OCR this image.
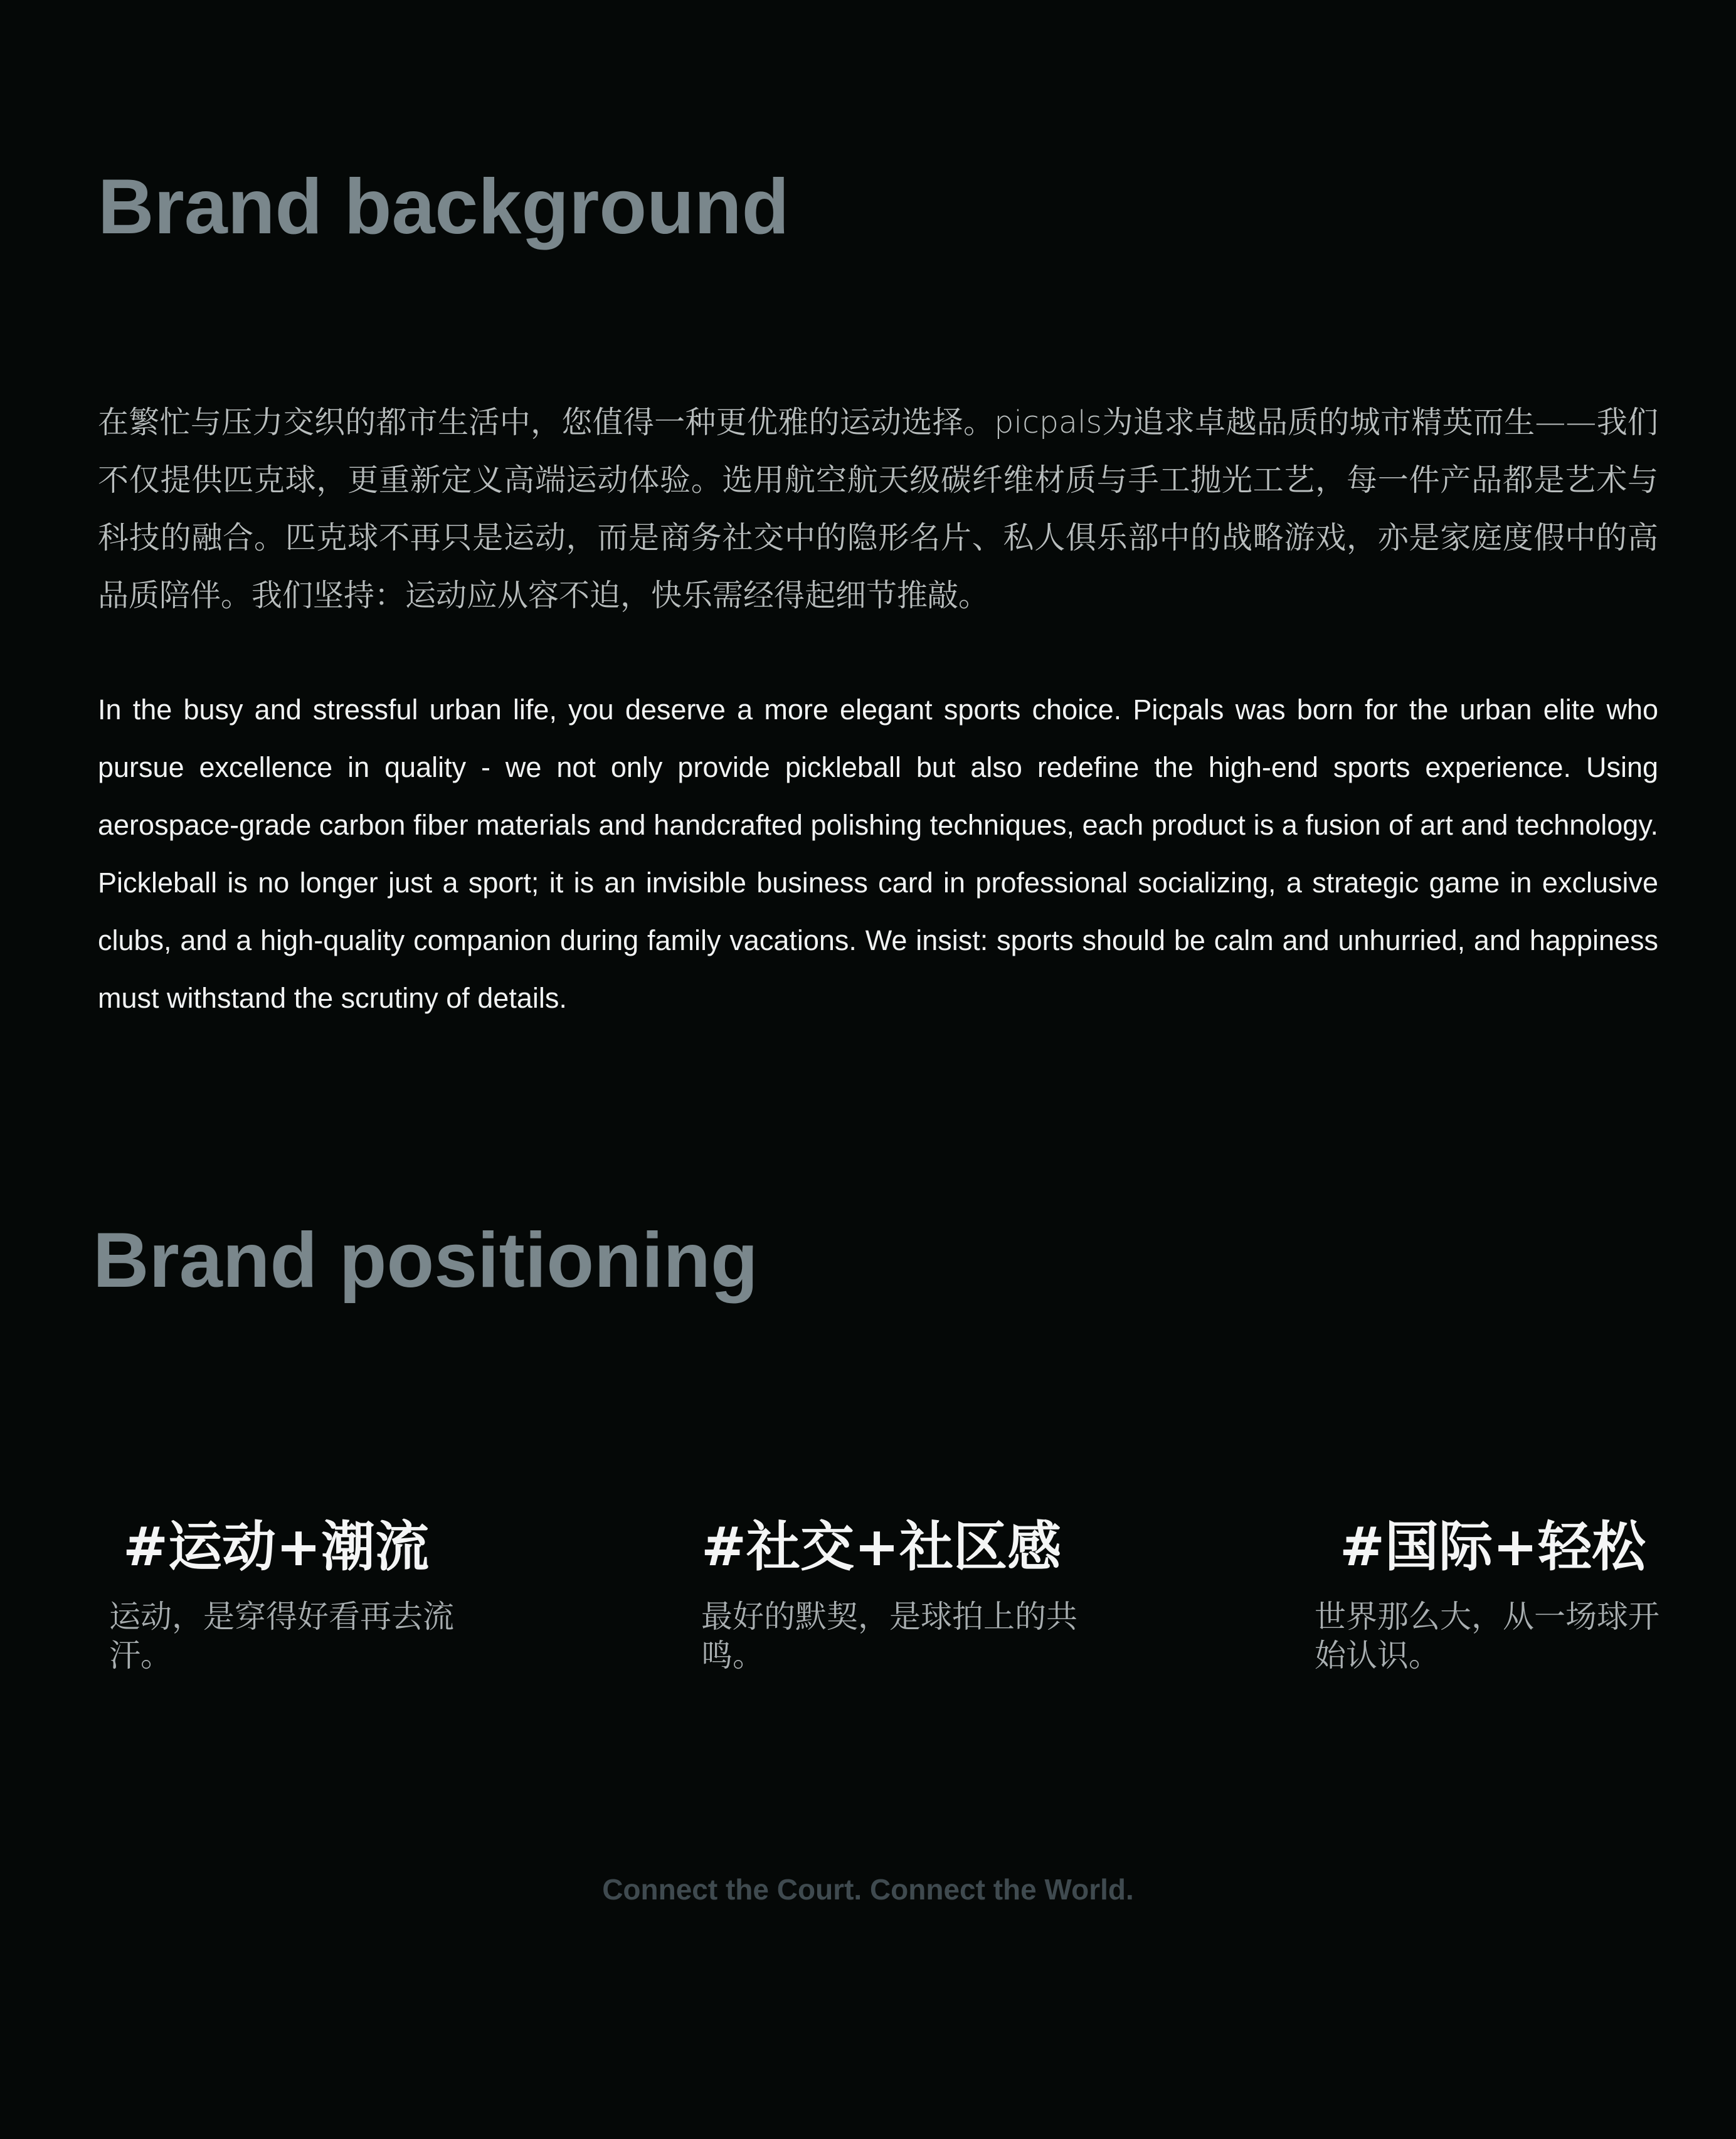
Brand background

在繁忙与压力交织的都市生活中，您值得一种更优雅的运动选择。picpals为追求卓越品质的城市精英而生——我们不仅提供匹克球，更重新定义高端运动体验。选用航空航天级碳纤维材质与手工抛光工艺，每一件产品都是艺术与科技的融合。匹克球不再只是运动，而是商务社交中的隐形名片、私人俱乐部中的战略游戏，亦是家庭度假中的高品质陪伴。我们坚持：运动应从容不迫，快乐需经得起细节推敲。

In the busy and stressful urban life, you deserve a more elegant sports choice. Picpals was born for the urban elite who pursue excellence in quality - we not only provide pickleball but also redefine the high-end sports experience. Using aerospace-grade carbon fiber materials and handcrafted polishing techniques, each product is a fusion of art and technology. Pickleball is no longer just a sport; it is an invisible business card in professional socializing, a strategic game in exclusive clubs, and a high-quality companion during family vacations. We insist: sports should be calm and unhurried, and happiness must withstand the scrutiny of details.

Brand positioning
#运动+潮流

运动，是穿得好看再去流汗。

#社交+社区感

最好的默契，是球拍上的共鸣。

#国际+轻松

世界那么大，从一场球开始认识。

Connect the Court. Connect the World.
